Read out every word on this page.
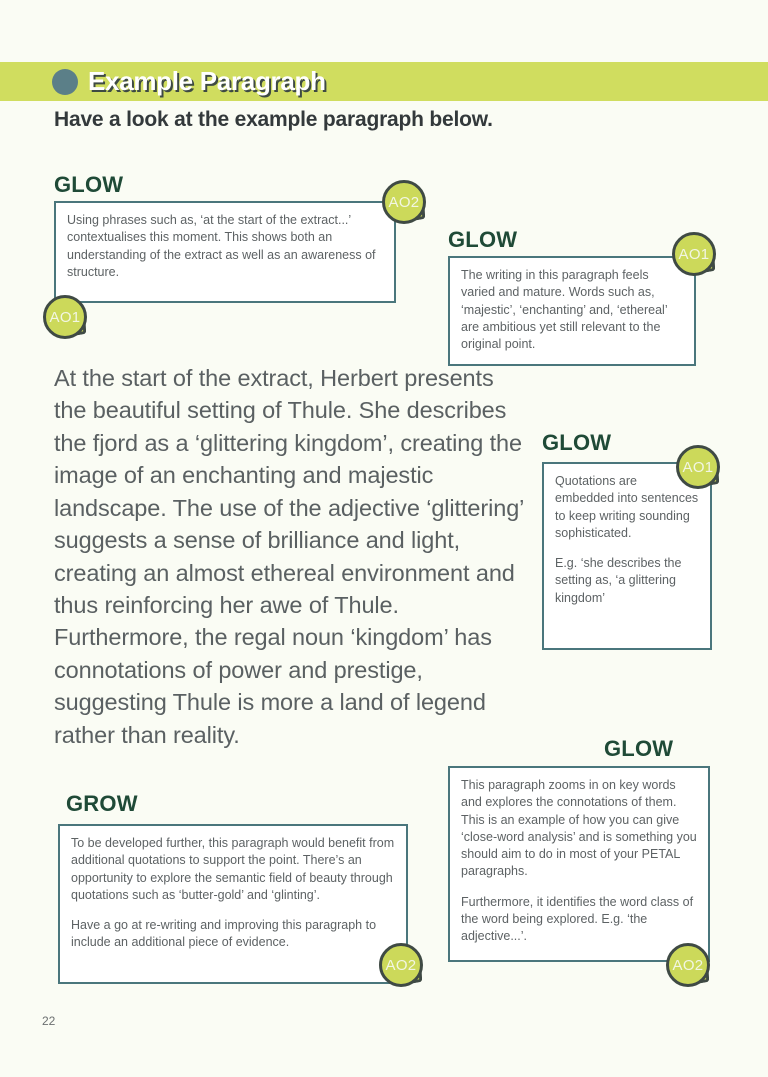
Example Paragraph
Have a look at the example paragraph below.
GLOW

Using phrases such as, ‘at the start of the extract...’ contextualises this moment. This shows both an understanding of the extract as well as an awareness of structure.

AO2
AO1
GLOW

The writing in this paragraph feels varied and mature. Words such as, ‘majestic’, ‘enchanting’ and, ‘ethereal’ are ambitious yet still relevant to the original point.

AO1
At the start of the extract, Herbert presents the beautiful setting of Thule. She describes the fjord as a ‘glittering kingdom’, creating the image of an enchanting and majestic landscape. The use of the adjective ‘glittering’ suggests a sense of brilliance and light, creating an almost ethereal environment and thus reinforcing her awe of Thule. Furthermore, the regal noun ‘kingdom’ has connotations of power and prestige, suggesting Thule is more a land of legend rather than reality.
GLOW

Quotations are embedded into sentences to keep writing sounding sophisticated.

E.g. ‘she describes the setting as, ‘a glittering kingdom’

AO1
GROW

To be developed further, this paragraph would benefit from additional quotations to support the point. There’s an opportunity to explore the semantic field of beauty through quotations such as ‘butter-gold’ and ‘glinting’.

Have a go at re-writing and improving this paragraph to include an additional piece of evidence.

AO2
GLOW

This paragraph zooms in on key words and explores the connotations of them. This is an example of how you can give ‘close-word analysis’ and is something you should aim to do in most of your PETAL paragraphs.

Furthermore, it identifies the word class of the word being explored. E.g. ‘the adjective...’.

AO2
22
